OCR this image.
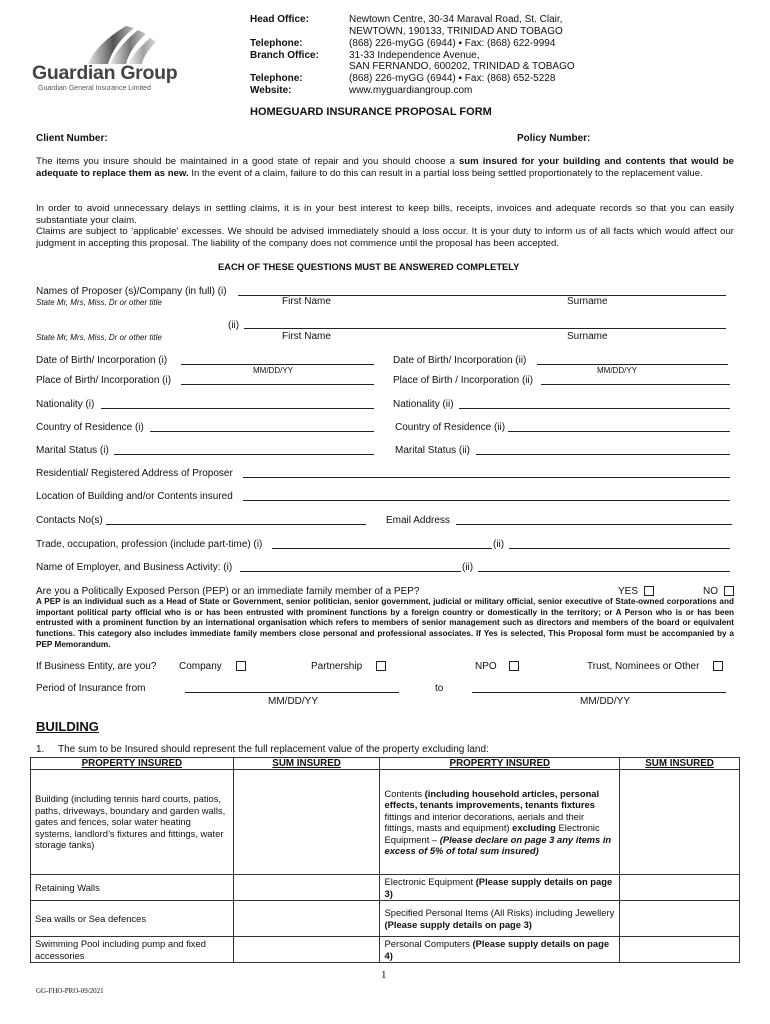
Guardian Group
Guardian General Insurance Limited
Head Office:	Newtown Centre, 30-34 Maraval Road, St. Clair,
NEWTOWN, 190133, TRINIDAD AND TOBAGO
Telephone:	(868) 226-myGG (6944) ▪ Fax: (868) 622-9994
Branch Office:	31-33 Independence Avenue,
SAN FERNANDO, 600202, TRINIDAD & TOBAGO
Telephone:	(868) 226-myGG (6944) ▪ Fax: (868) 652-5228
Website:	www.myguardiangroup.com
HOMEGUARD INSURANCE PROPOSAL FORM
Client Number:	Policy Number:
The items you insure should be maintained in a good state of repair and you should choose a sum insured for your building and contents that would be adequate to replace them as new. In the event of a claim, failure to do this can result in a partial loss being settled proportionately to the replacement value.
In order to avoid unnecessary delays in settling claims, it is in your best interest to keep bills, receipts, invoices and adequate records so that you can easily substantiate your claim.
Claims are subject to ‘applicable’ excesses. We should be advised immediately should a loss occur. It is your duty to inform us of all facts which would affect our judgment in accepting this proposal. The liability of the company does not commence until the proposal has been accepted.
EACH OF THESE QUESTIONS MUST BE ANSWERED COMPLETELY
Names of Proposer (s)/Company (in full) (i)
State Mr, Mrs, Miss, Dr or other title	First Name	Surname
(ii)
State Mr, Mrs, Miss, Dr or other title	First Name	Surname
Date of Birth/ Incorporation (i)
MM/DD/YY
Date of Birth/ Incorporation (ii)
MM/DD/YY
Place of Birth/ Incorporation (i)	Place of Birth / Incorporation (ii)
Nationality (i)	Nationality (ii)
Country of Residence (i)	Country of Residence (ii)
Marital Status (i)	Marital Status (ii)
Residential/ Registered Address of Proposer
Location of Building and/or Contents insured
Contacts No(s)	Email Address
Trade, occupation, profession (include part-time) (i)	(ii)
Name of Employer, and Business Activity: (i)	(ii)
Are you a Politically Exposed Person (PEP) or an immediate family member of a PEP?	YES	NO
A PEP is an individual such as a Head of State or Government, senior politician, senior government, judicial or military official, senior executive of State-owned corporations and important political party official who is or has been entrusted with prominent functions by a foreign country or domestically in the territory; or A Person who is or has been entrusted with a prominent function by an international organisation which refers to members of senior management such as directors and members of the board or equivalent functions. This category also includes immediate family members close personal and professional associates. If Yes is selected, This Proposal form must be accompanied by a PEP Memorandum.
If Business Entity, are you? Company	Partnership	NPO	Trust, Nominees or Other
Period of Insurance from
MM/DD/YY
to
MM/DD/YY
BUILDING
1. The sum to be Insured should represent the full replacement value of the property excluding land:
PROPERTY INSURED	SUM INSURED	PROPERTY INSURED	SUM INSURED
Building (including tennis hard courts, patios, paths, driveways, boundary and garden walls, gates and fences, solar water heating systems, landlord’s fixtures and fittings, water storage tanks)		Contents (including household articles, personal effects, tenants improvements, tenants fixtures fittings and interior decorations, aerials and their fittings, masts and equipment) excluding Electronic Equipment – (Please declare on page 3 any items in excess of 5% of total sum insured)	
Retaining Walls		Electronic Equipment (Please supply details on page 3)	
Sea walls or Sea defences		Specified Personal Items (All Risks) including Jewellery (Please supply details on page 3)	
Swimming Pool including pump and fixed accessories		Personal Computers (Please supply details on page 4)	
1
GG-FHO-PRO-09/2021
